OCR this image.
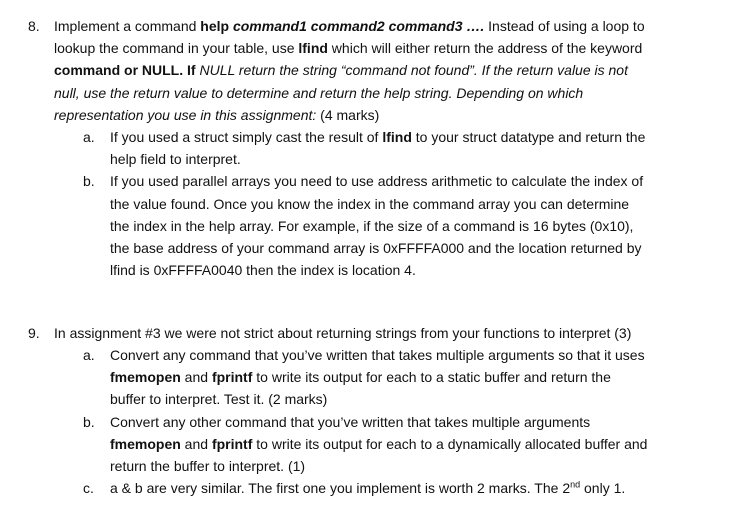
8. Implement a command help command1 command2 command3 …. Instead of using a loop to
lookup the command in your table, use lfind which will either return the address of the keyword
command or NULL. If NULL return the string “command not found”. If the return value is not
null, use the return value to determine and return the help string. Depending on which
representation you use in this assignment: (4 marks)
a. If you used a struct simply cast the result of lfind to your struct datatype and return the
help field to interpret.
b. If you used parallel arrays you need to use address arithmetic to calculate the index of
the value found. Once you know the index in the command array you can determine
the index in the help array. For example, if the size of a command is 16 bytes (0x10),
the base address of your command array is 0xFFFFA000 and the location returned by
lfind is 0xFFFFA0040 then the index is location 4.
9. In assignment #3 we were not strict about returning strings from your functions to interpret (3)
a. Convert any command that you’ve written that takes multiple arguments so that it uses
fmemopen and fprintf to write its output for each to a static buffer and return the
buffer to interpret. Test it. (2 marks)
b. Convert any other command that you’ve written that takes multiple arguments
fmemopen and fprintf to write its output for each to a dynamically allocated buffer and
return the buffer to interpret. (1)
c. a & b are very similar. The first one you implement is worth 2 marks. The 2nd only 1.
